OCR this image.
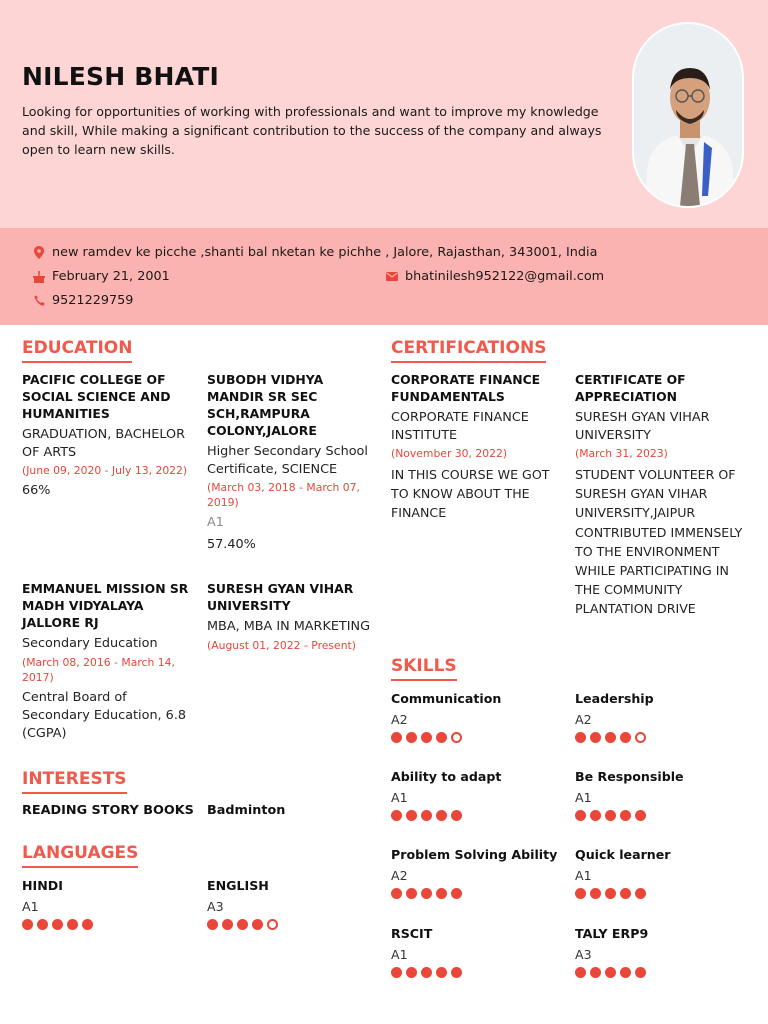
NILESH BHATI
Looking for opportunities of working with professionals and want to improve my knowledge and skill, While making a significant contribution to the success of the company and always open to learn new skills.
new ramdev ke picche ,shanti bal nketan ke pichhe , Jalore, Rajasthan, 343001, India
February 21, 2001	bhatinilesh952122@gmail.com
9521229759
EDUCATION
PACIFIC COLLEGE OF SOCIAL SCIENCE AND HUMANITIES
GRADUATION, BACHELOR OF ARTS
(June 09, 2020 - July 13, 2022)
66%
SUBODH VIDHYA MANDIR SR SEC SCH,RAMPURA COLONY,JALORE
Higher Secondary School Certificate, SCIENCE
(March 03, 2018 - March 07, 2019)
A1
57.40%
EMMANUEL MISSION SR MADH VIDYALAYA JALLORE RJ
Secondary Education
(March 08, 2016 - March 14, 2017)
Central Board of Secondary Education, 6.8 (CGPA)
SURESH GYAN VIHAR UNIVERSITY
MBA, MBA IN MARKETING
(August 01, 2022 - Present)
INTERESTS
READING STORY BOOKS Badminton
LANGUAGES
HINDI
A1
ENGLISH
A3
CERTIFICATIONS
CORPORATE FINANCE FUNDAMENTALS
CORPORATE FINANCE INSTITUTE
(November 30, 2022)
IN THIS COURSE WE GOT TO KNOW ABOUT THE FINANCE
CERTIFICATE OF APPRECIATION
SURESH GYAN VIHAR UNIVERSITY
(March 31, 2023)
STUDENT VOLUNTEER OF SURESH GYAN VIHAR UNIVERSITY,JAIPUR CONTRIBUTED IMMENSELY TO THE ENVIRONMENT WHILE PARTICIPATING IN THE COMMUNITY PLANTATION DRIVE
SKILLS
Communication
A2
Leadership
A2
Ability to adapt
A1
Be Responsible
A1
Problem Solving Ability
A2
Quick learner
A1
RSCIT
A1
TALY ERP9
A3
